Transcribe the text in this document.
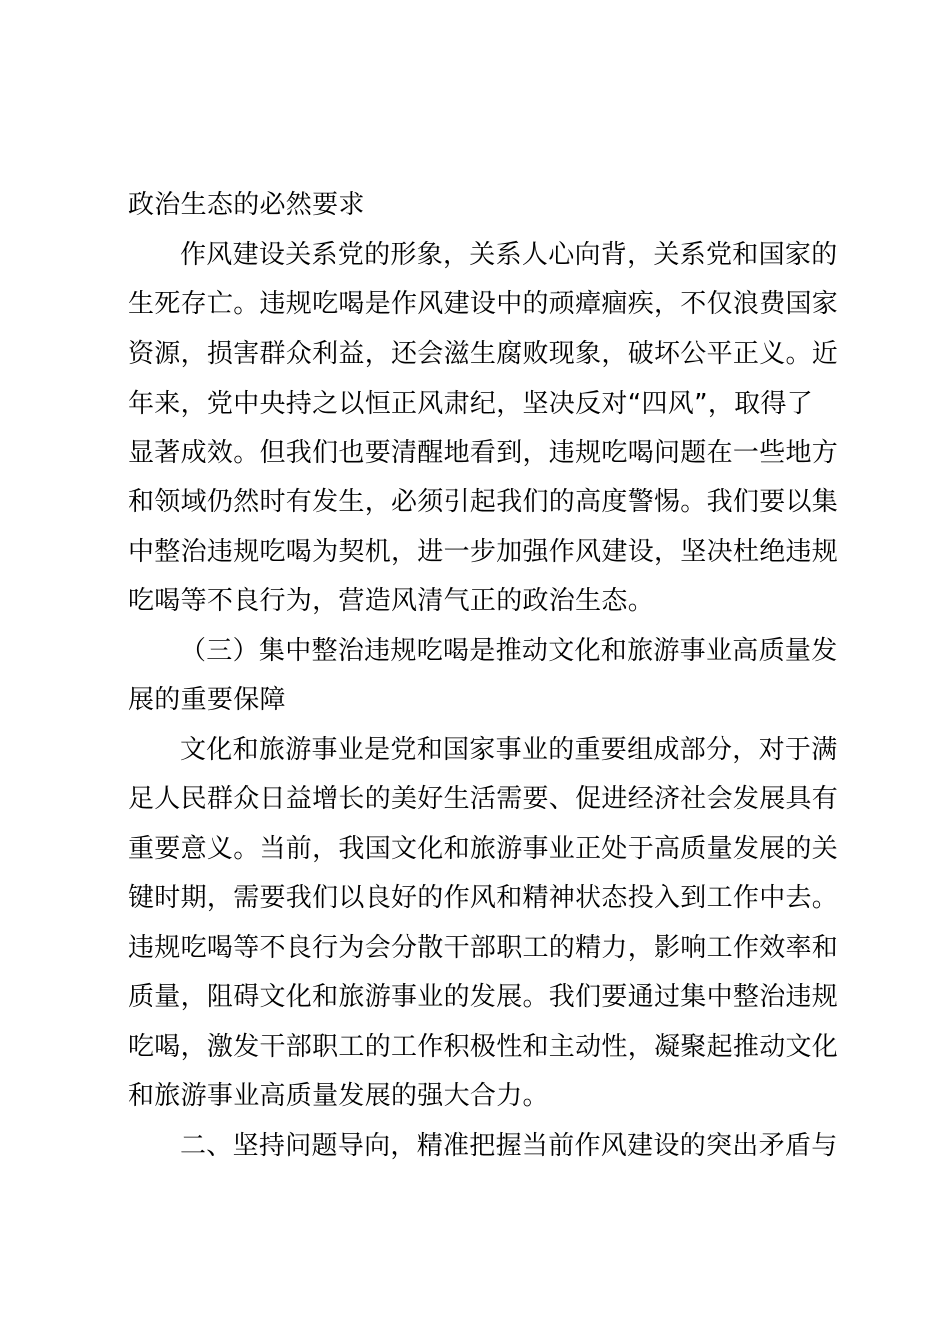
政治生态的必然要求
作风建设关系党的形象，关系人心向背，关系党和国家的
生死存亡。违规吃喝是作风建设中的顽瘴痼疾，不仅浪费国家
资源，损害群众利益，还会滋生腐败现象，破坏公平正义。近
年来，党中央持之以恒正风肃纪，坚决反对“四风”，取得了
显著成效。但我们也要清醒地看到，违规吃喝问题在一些地方
和领域仍然时有发生，必须引起我们的高度警惕。我们要以集
中整治违规吃喝为契机，进一步加强作风建设，坚决杜绝违规
吃喝等不良行为，营造风清气正的政治生态。
（三）集中整治违规吃喝是推动文化和旅游事业高质量发
展的重要保障
文化和旅游事业是党和国家事业的重要组成部分，对于满
足人民群众日益增长的美好生活需要、促进经济社会发展具有
重要意义。当前，我国文化和旅游事业正处于高质量发展的关
键时期，需要我们以良好的作风和精神状态投入到工作中去。
违规吃喝等不良行为会分散干部职工的精力，影响工作效率和
质量，阻碍文化和旅游事业的发展。我们要通过集中整治违规
吃喝，激发干部职工的工作积极性和主动性，凝聚起推动文化
和旅游事业高质量发展的强大合力。
二、坚持问题导向，精准把握当前作风建设的突出矛盾与
